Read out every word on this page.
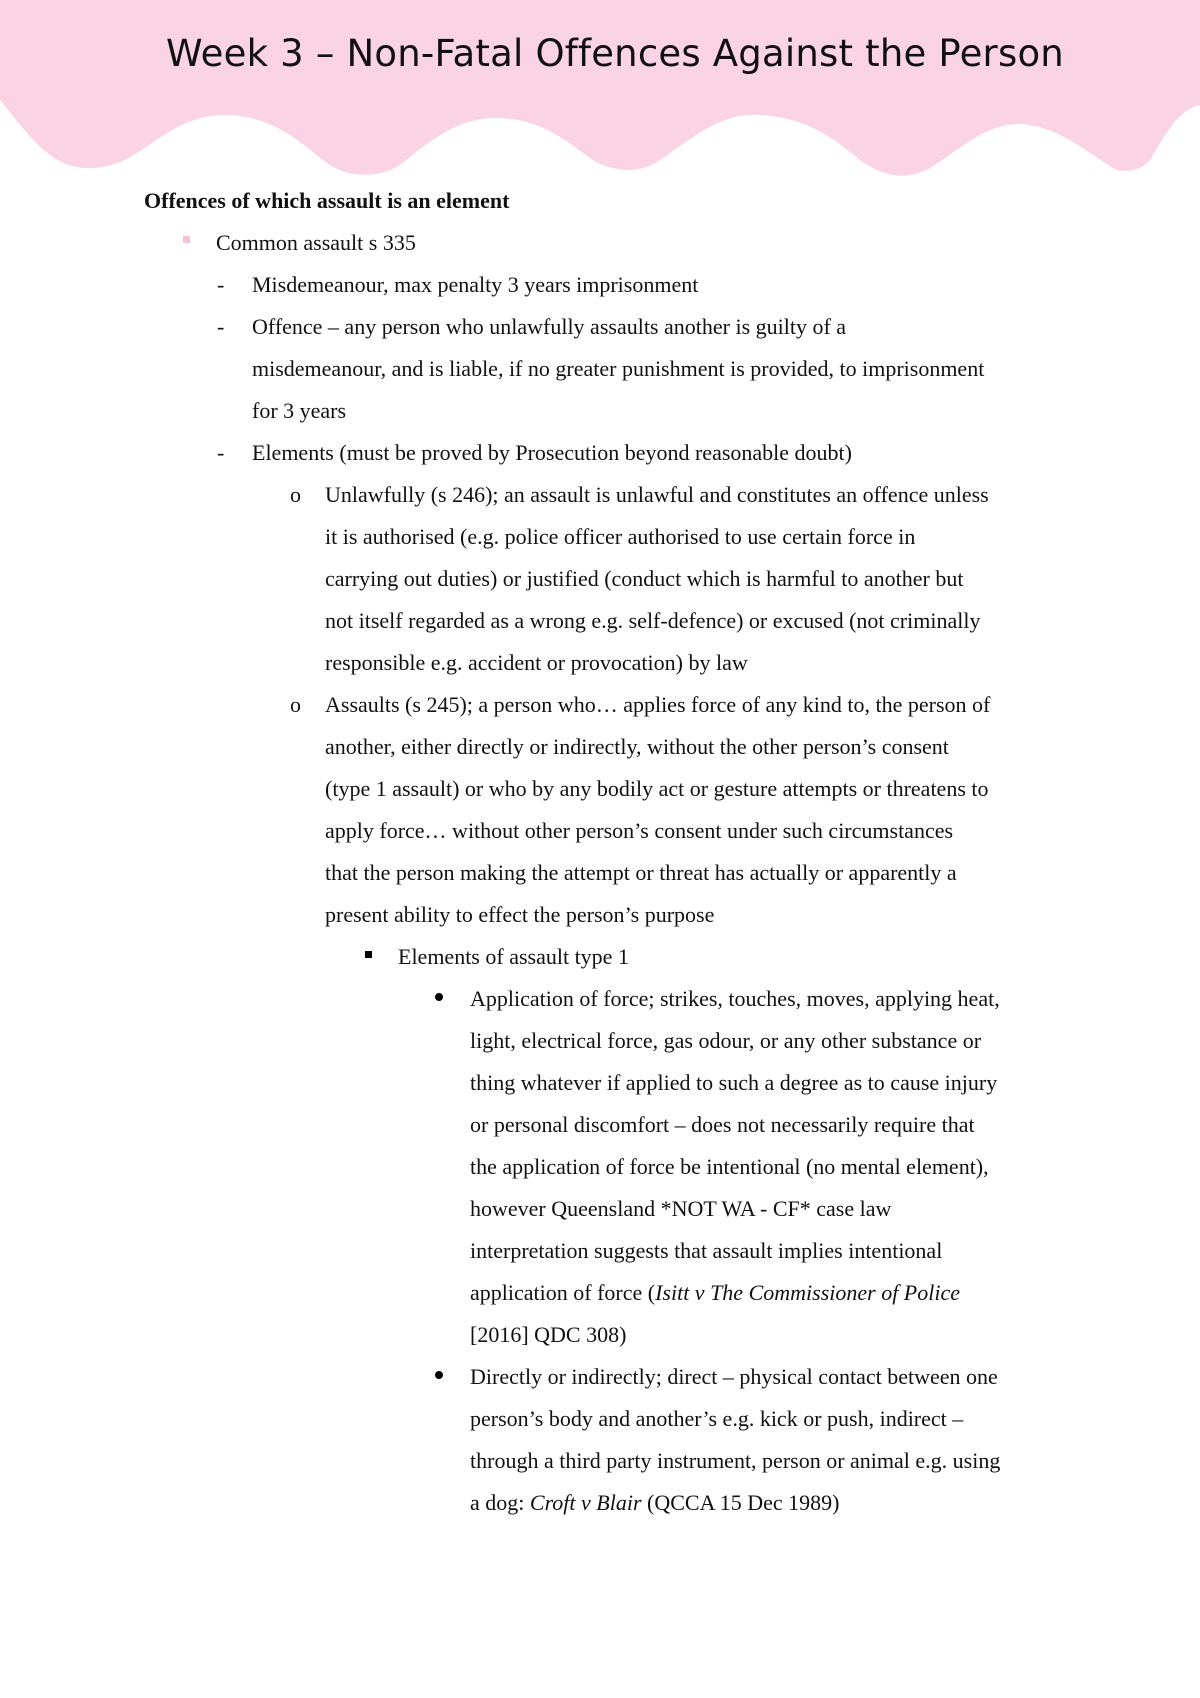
Week 3 – Non-Fatal Offences Against the Person
Offences of which assault is an element
Common assault s 335
- Misdemeanour, max penalty 3 years imprisonment
- Offence – any person who unlawfully assaults another is guilty of a
misdemeanour, and is liable, if no greater punishment is provided, to imprisonment
for 3 years
- Elements (must be proved by Prosecution beyond reasonable doubt)
o Unlawfully (s 246); an assault is unlawful and constitutes an offence unless
it is authorised (e.g. police officer authorised to use certain force in
carrying out duties) or justified (conduct which is harmful to another but
not itself regarded as a wrong e.g. self-defence) or excused (not criminally
responsible e.g. accident or provocation) by law
o Assaults (s 245); a person who… applies force of any kind to, the person of
another, either directly or indirectly, without the other person’s consent
(type 1 assault) or who by any bodily act or gesture attempts or threatens to
apply force… without other person’s consent under such circumstances
that the person making the attempt or threat has actually or apparently a
present ability to effect the person’s purpose
Elements of assault type 1
Application of force; strikes, touches, moves, applying heat,
light, electrical force, gas odour, or any other substance or
thing whatever if applied to such a degree as to cause injury
or personal discomfort – does not necessarily require that
the application of force be intentional (no mental element),
however Queensland *NOT WA - CF* case law
interpretation suggests that assault implies intentional
application of force (Isitt v The Commissioner of Police
[2016] QDC 308)
Directly or indirectly; direct – physical contact between one
person’s body and another’s e.g. kick or push, indirect –
through a third party instrument, person or animal e.g. using
a dog: Croft v Blair (QCCA 15 Dec 1989)
